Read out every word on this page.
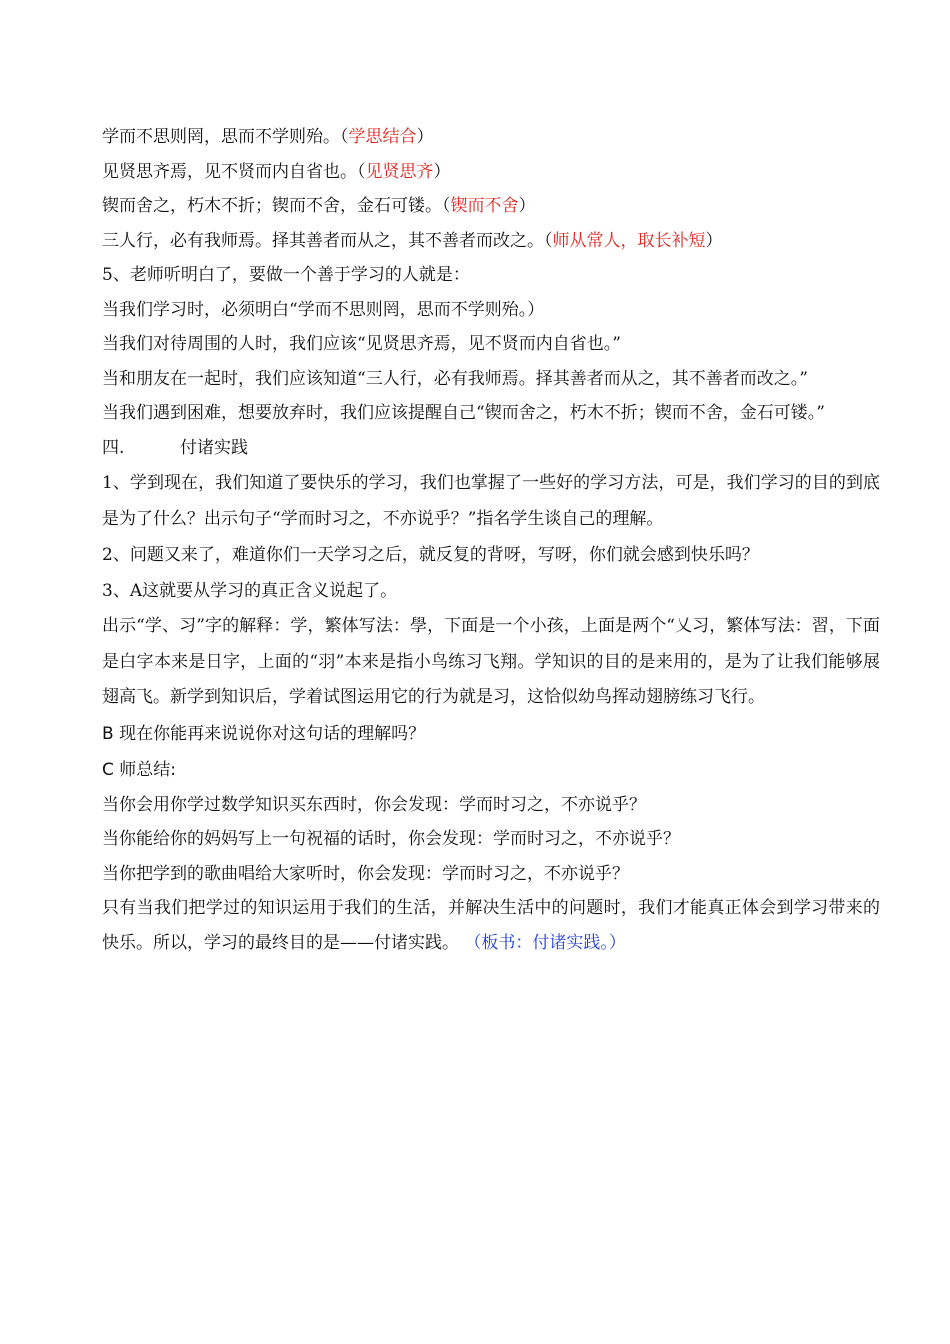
学而不思则罔，思而不学则殆。（学思结合）

见贤思齐焉，见不贤而内自省也。（见贤思齐）

锲而舍之，朽木不折；锲而不舍，金石可镂。（锲而不舍）

三人行，必有我师焉。择其善者而从之，其不善者而改之。（师从常人，取长补短）

5、老师听明白了，要做一个善于学习的人就是：

当我们学习时，必须明白“学而不思则罔，思而不学则殆。）

当我们对待周围的人时，我们应该“见贤思齐焉，见不贤而内自省也。”

当和朋友在一起时，我们应该知道“三人行，必有我师焉。择其善者而从之，其不善者而改之。”

当我们遇到困难，想要放弃时，我们应该提醒自己“锲而舍之，朽木不折；锲而不舍，金石可镂。”

四.	付诸实践

1、学到现在，我们知道了要快乐的学习，我们也掌握了一些好的学习方法，可是，我们学习的目的到底是为了什么？出示句子“学而时习之，不亦说乎？”指名学生谈自己的理解。

2、问题又来了，难道你们一天学习之后，就反复的背呀，写呀，你们就会感到快乐吗？

3、A这就要从学习的真正含义说起了。

出示“学、习”字的解释：学，繁体写法：學，下面是一个小孩，上面是两个“乂习，繁体写法：習，下面是白字本来是日字，上面的“羽”本来是指小鸟练习飞翔。学知识的目的是来用的，是为了让我们能够展翅高飞。新学到知识后，学着试图运用它的行为就是习，这恰似幼鸟挥动翅膀练习飞行。

B 现在你能再来说说你对这句话的理解吗？

C 师总结:

当你会用你学过数学知识买东西时，你会发现：学而时习之，不亦说乎？

当你能给你的妈妈写上一句祝福的话时，你会发现：学而时习之，不亦说乎？

当你把学到的歌曲唱给大家听时，你会发现：学而时习之，不亦说乎？

只有当我们把学过的知识运用于我们的生活，并解决生活中的问题时，我们才能真正体会到学习带来的快乐。所以，学习的最终目的是——付诸实践。 （板书：付诸实践。）
